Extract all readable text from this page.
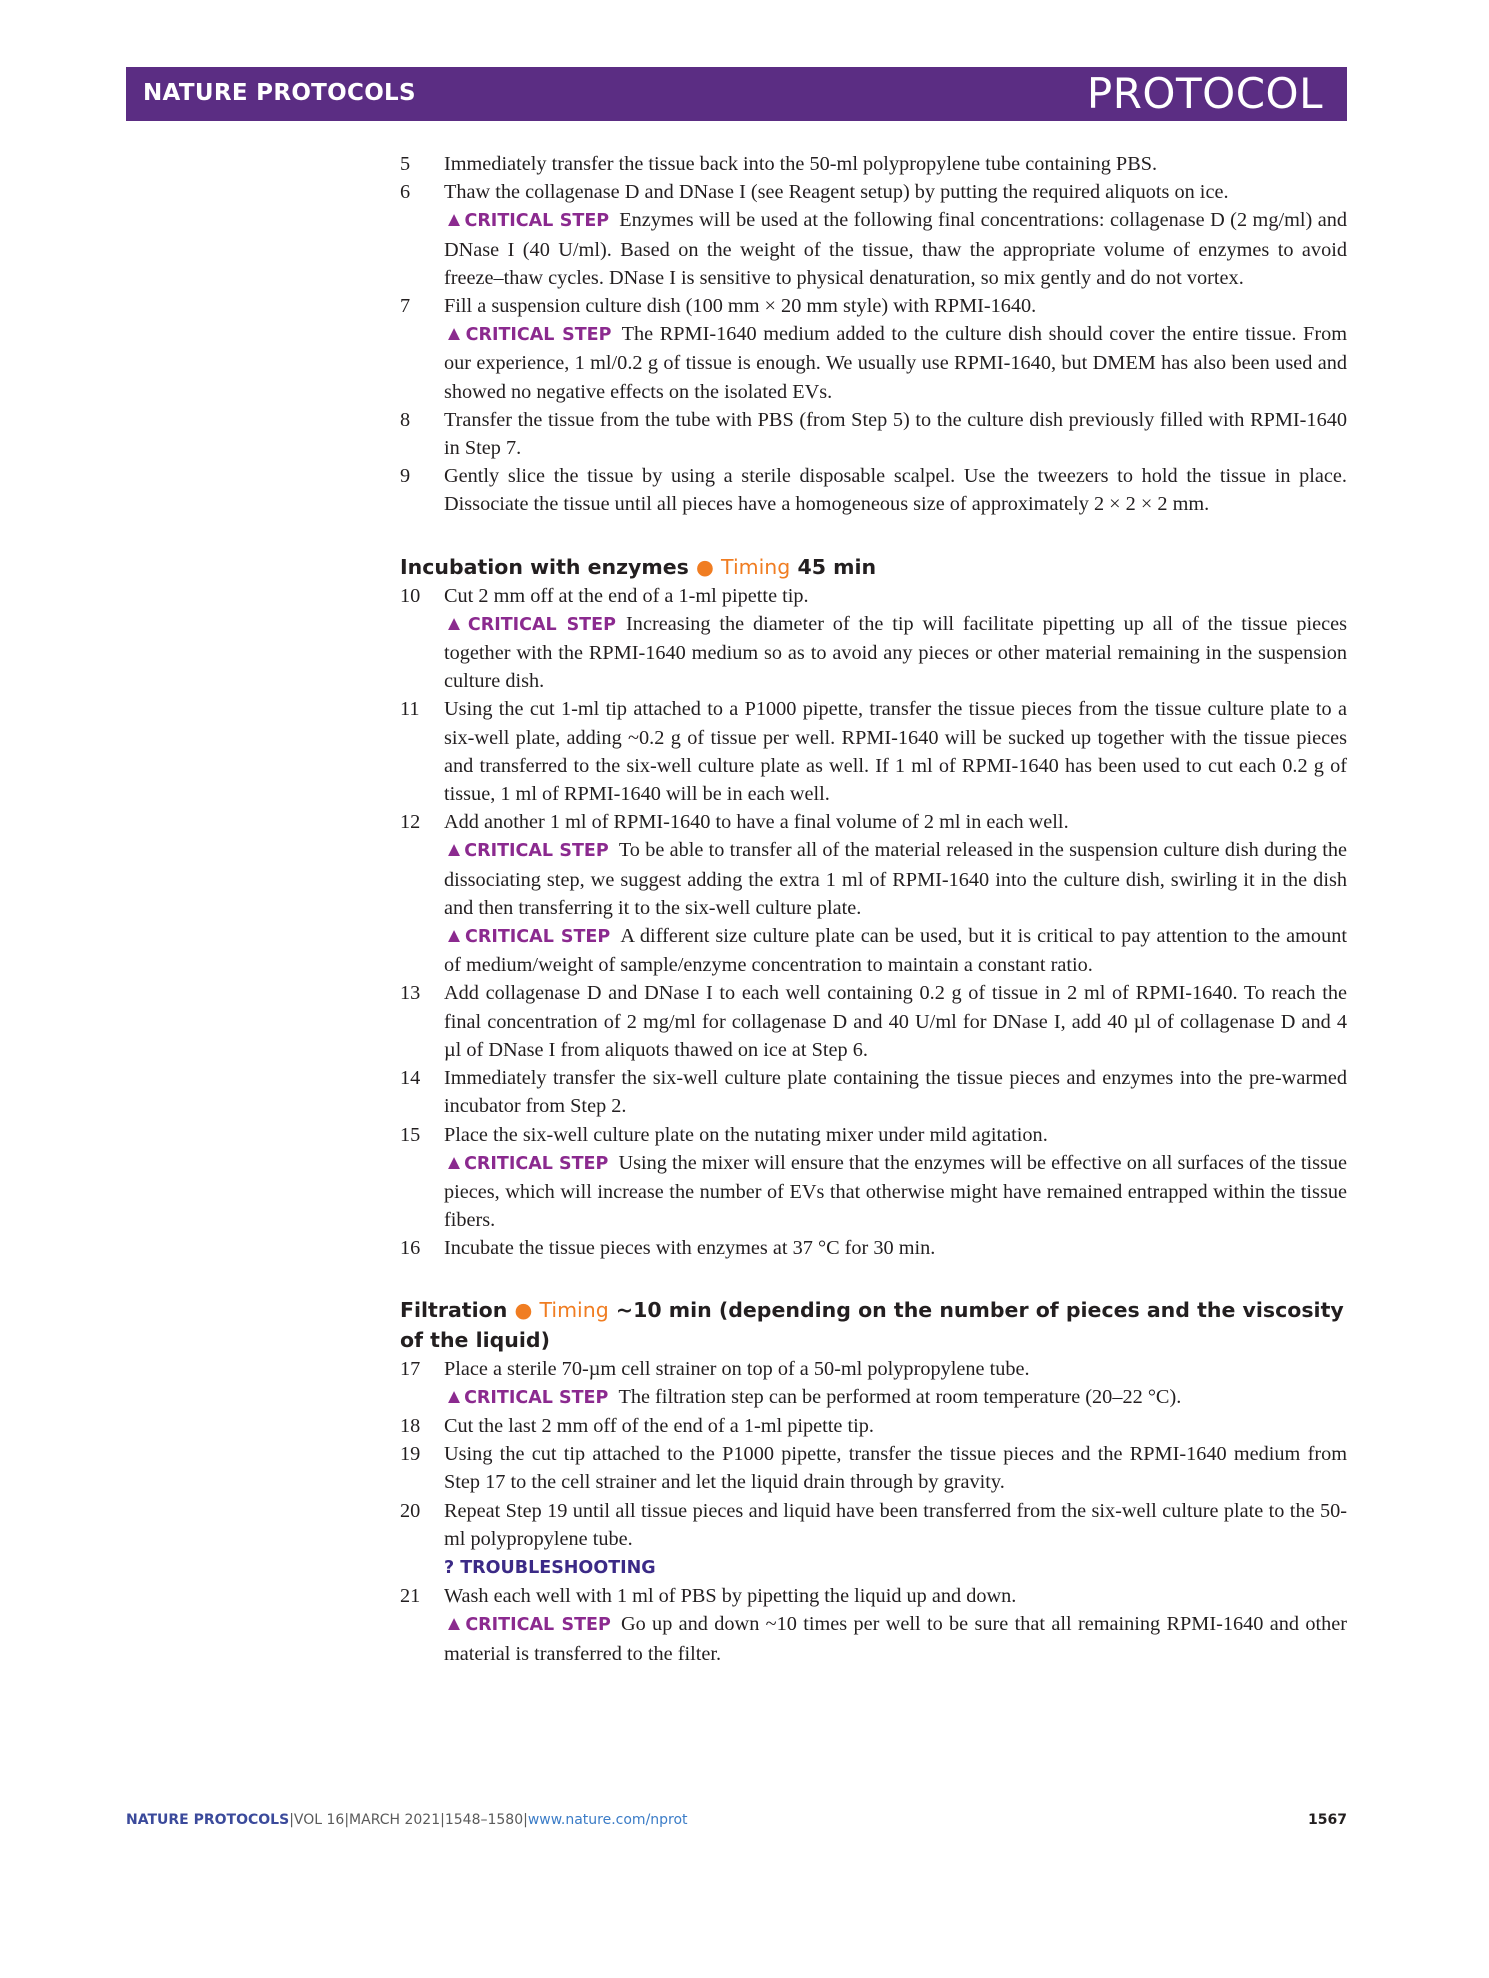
NATURE PROTOCOLS	PROTOCOL
5	Immediately transfer the tissue back into the 50-ml polypropylene tube containing PBS.
6	Thaw the collagenase D and DNase I (see Reagent setup) by putting the required aliquots on ice.
▲CRITICAL STEP  Enzymes will be used at the following final concentrations: collagenase D (2 mg/ml) and DNase I (40 U/ml). Based on the weight of the tissue, thaw the appropriate volume of enzymes to avoid freeze–thaw cycles. DNase I is sensitive to physical denaturation, so mix gently and do not vortex.
7	Fill a suspension culture dish (100 mm × 20 mm style) with RPMI-1640.
▲CRITICAL STEP  The RPMI-1640 medium added to the culture dish should cover the entire tissue. From our experience, 1 ml/0.2 g of tissue is enough. We usually use RPMI-1640, but DMEM has also been used and showed no negative effects on the isolated EVs.
8	Transfer the tissue from the tube with PBS (from Step 5) to the culture dish previously filled with RPMI-1640 in Step 7.
9	Gently slice the tissue by using a sterile disposable scalpel. Use the tweezers to hold the tissue in place. Dissociate the tissue until all pieces have a homogeneous size of approximately 2 × 2 × 2 mm.
Incubation with enzymes ● Timing 45 min
10	Cut 2 mm off at the end of a 1-ml pipette tip.
▲CRITICAL STEP  Increasing the diameter of the tip will facilitate pipetting up all of the tissue pieces together with the RPMI-1640 medium so as to avoid any pieces or other material remaining in the suspension culture dish.
11	Using the cut 1-ml tip attached to a P1000 pipette, transfer the tissue pieces from the tissue culture plate to a six-well plate, adding ~0.2 g of tissue per well. RPMI-1640 will be sucked up together with the tissue pieces and transferred to the six-well culture plate as well. If 1 ml of RPMI-1640 has been used to cut each 0.2 g of tissue, 1 ml of RPMI-1640 will be in each well.
12	Add another 1 ml of RPMI-1640 to have a final volume of 2 ml in each well.
▲CRITICAL STEP  To be able to transfer all of the material released in the suspension culture dish during the dissociating step, we suggest adding the extra 1 ml of RPMI-1640 into the culture dish, swirling it in the dish and then transferring it to the six-well culture plate.
▲CRITICAL STEP  A different size culture plate can be used, but it is critical to pay attention to the amount of medium/weight of sample/enzyme concentration to maintain a constant ratio.
13	Add collagenase D and DNase I to each well containing 0.2 g of tissue in 2 ml of RPMI-1640. To reach the final concentration of 2 mg/ml for collagenase D and 40 U/ml for DNase I, add 40 µl of collagenase D and 4 µl of DNase I from aliquots thawed on ice at Step 6.
14	Immediately transfer the six-well culture plate containing the tissue pieces and enzymes into the pre-warmed incubator from Step 2.
15	Place the six-well culture plate on the nutating mixer under mild agitation.
▲CRITICAL STEP  Using the mixer will ensure that the enzymes will be effective on all surfaces of the tissue pieces, which will increase the number of EVs that otherwise might have remained entrapped within the tissue fibers.
16	Incubate the tissue pieces with enzymes at 37 °C for 30 min.
Filtration ● Timing ~10 min (depending on the number of pieces and the viscosity of the liquid)
17	Place a sterile 70-µm cell strainer on top of a 50-ml polypropylene tube.
▲CRITICAL STEP  The filtration step can be performed at room temperature (20–22 °C).
18	Cut the last 2 mm off of the end of a 1-ml pipette tip.
19	Using the cut tip attached to the P1000 pipette, transfer the tissue pieces and the RPMI-1640 medium from Step 17 to the cell strainer and let the liquid drain through by gravity.
20	Repeat Step 19 until all tissue pieces and liquid have been transferred from the six-well culture plate to the 50-ml polypropylene tube.
? TROUBLESHOOTING
21	Wash each well with 1 ml of PBS by pipetting the liquid up and down.
▲CRITICAL STEP  Go up and down ~10 times per well to be sure that all remaining RPMI-1640 and other material is transferred to the filter.
NATURE PROTOCOLS|VOL 16|MARCH 2021|1548–1580|www.nature.com/nprot	1567
